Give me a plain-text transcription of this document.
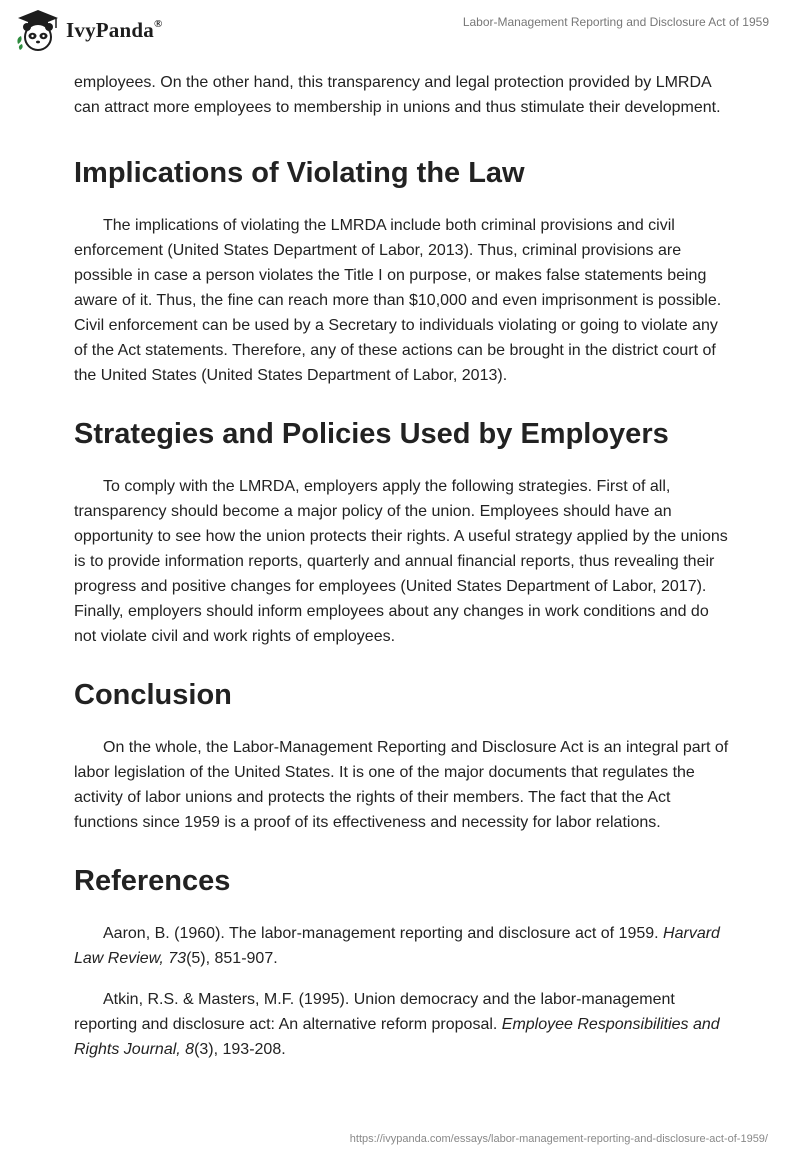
IvyPanda®	Labor-Management Reporting and Disclosure Act of 1959

employees. On the other hand, this transparency and legal protection provided by LMRDA can attract more employees to membership in unions and thus stimulate their development.

Implications of Violating the Law

The implications of violating the LMRDA include both criminal provisions and civil enforcement (United States Department of Labor, 2013). Thus, criminal provisions are possible in case a person violates the Title I on purpose, or makes false statements being aware of it. Thus, the fine can reach more than $10,000 and even imprisonment is possible. Civil enforcement can be used by a Secretary to individuals violating or going to violate any of the Act statements. Therefore, any of these actions can be brought in the district court of the United States (United States Department of Labor, 2013).

Strategies and Policies Used by Employers

To comply with the LMRDA, employers apply the following strategies. First of all, transparency should become a major policy of the union. Employees should have an opportunity to see how the union protects their rights. A useful strategy applied by the unions is to provide information reports, quarterly and annual financial reports, thus revealing their progress and positive changes for employees (United States Department of Labor, 2017). Finally, employers should inform employees about any changes in work conditions and do not violate civil and work rights of employees.

Conclusion

On the whole, the Labor-Management Reporting and Disclosure Act is an integral part of labor legislation of the United States. It is one of the major documents that regulates the activity of labor unions and protects the rights of their members. The fact that the Act functions since 1959 is a proof of its effectiveness and necessity for labor relations.

References

Aaron, B. (1960). The labor-management reporting and disclosure act of 1959. Harvard Law Review, 73(5), 851-907.

Atkin, R.S. & Masters, M.F. (1995). Union democracy and the labor-management reporting and disclosure act: An alternative reform proposal. Employee Responsibilities and Rights Journal, 8(3), 193-208.

https://ivypanda.com/essays/labor-management-reporting-and-disclosure-act-of-1959/
